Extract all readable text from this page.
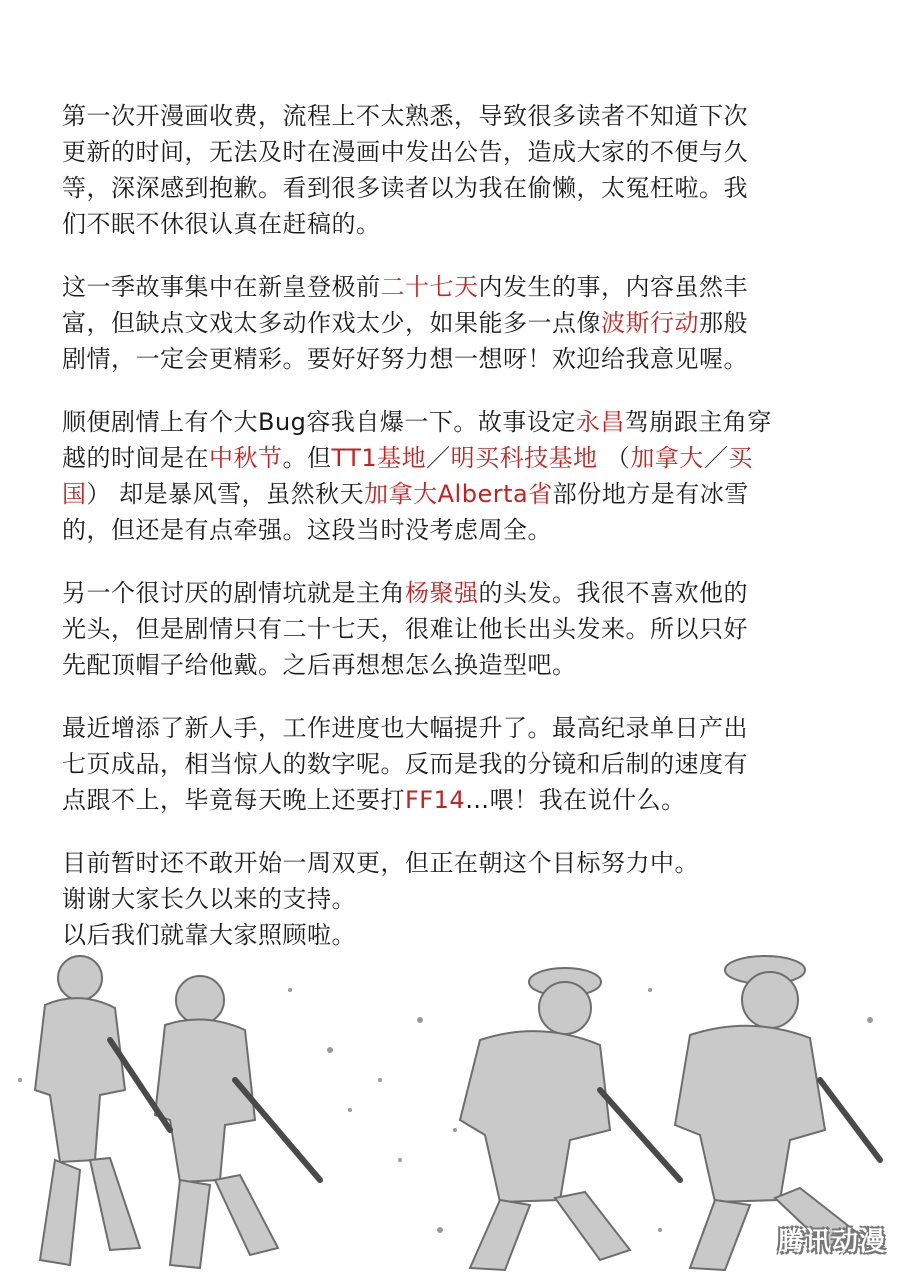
第一次开漫画收费，流程上不太熟悉，导致很多读者不知道下次
更新的时间，无法及时在漫画中发出公告，造成大家的不便与久
等，深深感到抱歉。看到很多读者以为我在偷懒，太冤枉啦。我
们不眠不休很认真在赶稿的。

这一季故事集中在新皇登极前二十七天内发生的事，内容虽然丰
富，但缺点文戏太多动作戏太少，如果能多一点像波斯行动那般
剧情，一定会更精彩。要好好努力想一想呀！欢迎给我意见喔。

顺便剧情上有个大Bug容我自爆一下。故事设定永昌驾崩跟主角穿
越的时间是在中秋节。但TT1基地／明买科技基地 （加拿大／买
国） 却是暴风雪，虽然秋天加拿大Alberta省部份地方是有冰雪
的，但还是有点牵强。这段当时没考虑周全。

另一个很讨厌的剧情坑就是主角杨聚强的头发。我很不喜欢他的
光头，但是剧情只有二十七天，很难让他长出头发来。所以只好
先配顶帽子给他戴。之后再想想怎么换造型吧。

最近增添了新人手，工作进度也大幅提升了。最高纪录单日产出
七页成品，相当惊人的数字呢。反而是我的分镜和后制的速度有
点跟不上，毕竟每天晚上还要打FF14…喂！我在说什么。

目前暂时还不敢开始一周双更，但正在朝这个目标努力中。
谢谢大家长久以来的支持。
以后我们就靠大家照顾啦。

腾讯动漫
